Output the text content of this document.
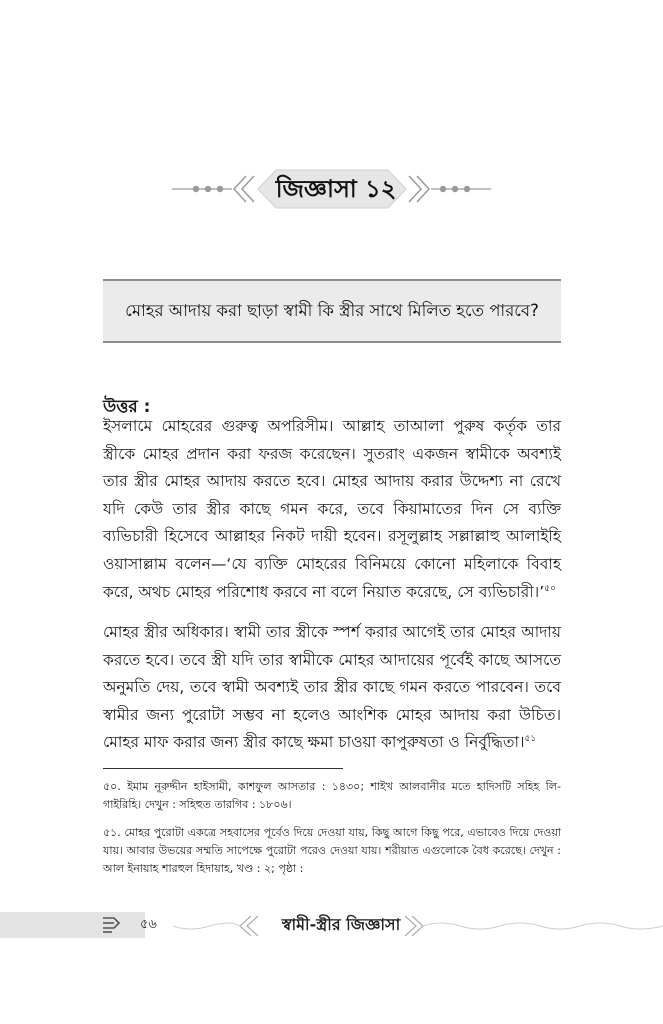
জিজ্ঞাসা ১২
মোহর আদায় করা ছাড়া স্বামী কি স্ত্রীর সাথে মিলিত হতে পারবে?
উত্তর :

ইসলামে মোহরের গুরুত্ব অপরিসীম। আল্লাহ তাআলা পুরুষ কর্তৃক তার স্ত্রীকে মোহর প্রদান করা ফরজ করেছেন। সুতরাং একজন স্বামীকে অবশ্যই তার স্ত্রীর মোহর আদায় করতে হবে। মোহর আদায় করার উদ্দেশ্য না রেখে যদি কেউ তার স্ত্রীর কাছে গমন করে, তবে কিয়ামাতের দিন সে ব্যক্তি ব্যভিচারী হিসেবে আল্লাহর নিকট দায়ী হবেন। রসূলুল্লাহ সল্লাল্লাহু আলাইহি ওয়াসাল্লাম বলেন—‘যে ব্যক্তি মোহরের বিনিময়ে কোনো মহিলাকে বিবাহ করে, অথচ মোহর পরিশোধ করবে না বলে নিয়াত করেছে, সে ব্যভিচারী।’$^{৫০}$

মোহর স্ত্রীর অধিকার। স্বামী তার স্ত্রীকে স্পর্শ করার আগেই তার মোহর আদায় করতে হবে। তবে স্ত্রী যদি তার স্বামীকে মোহর আদায়ের পূর্বেই কাছে আসতে অনুমতি দেয়, তবে স্বামী অবশ্যই তার স্ত্রীর কাছে গমন করতে পারবেন। তবে স্বামীর জন্য পুরোটা সম্ভব না হলেও আংশিক মোহর আদায় করা উচিত। মোহর মাফ করার জন্য স্ত্রীর কাছে ক্ষমা চাওয়া কাপুরুষতা ও নির্বুদ্ধিতা।$^{৫১}$

৫০. ইমাম নূরুদ্দীন হাইসামী, কাশফুল আসতার : ১৪৩০; শাইখ আলবানীর মতে হাদিসটি সহিহ লি-গাইরিহি। দেখুন : সহিহুত তারগিব : ১৮০৬।

৫১. মোহর পুরোটা একত্রে সহবাসের পূর্বেও দিয়ে দেওয়া যায়, কিছু আগে কিছু পরে, এভাবেও দিয়ে দেওয়া যায়। আবার উভয়ের সম্মতি সাপেক্ষে পুরোটা পরেও দেওয়া যায়। শরীয়াত এগুলোকে বৈধ করেছে। দেখুন : আল ইনায়াহ শারহুল হিদায়াহ, খণ্ড : ২; পৃষ্ঠা :

৫৬	স্বামী-স্ত্রীর জিজ্ঞাসা
